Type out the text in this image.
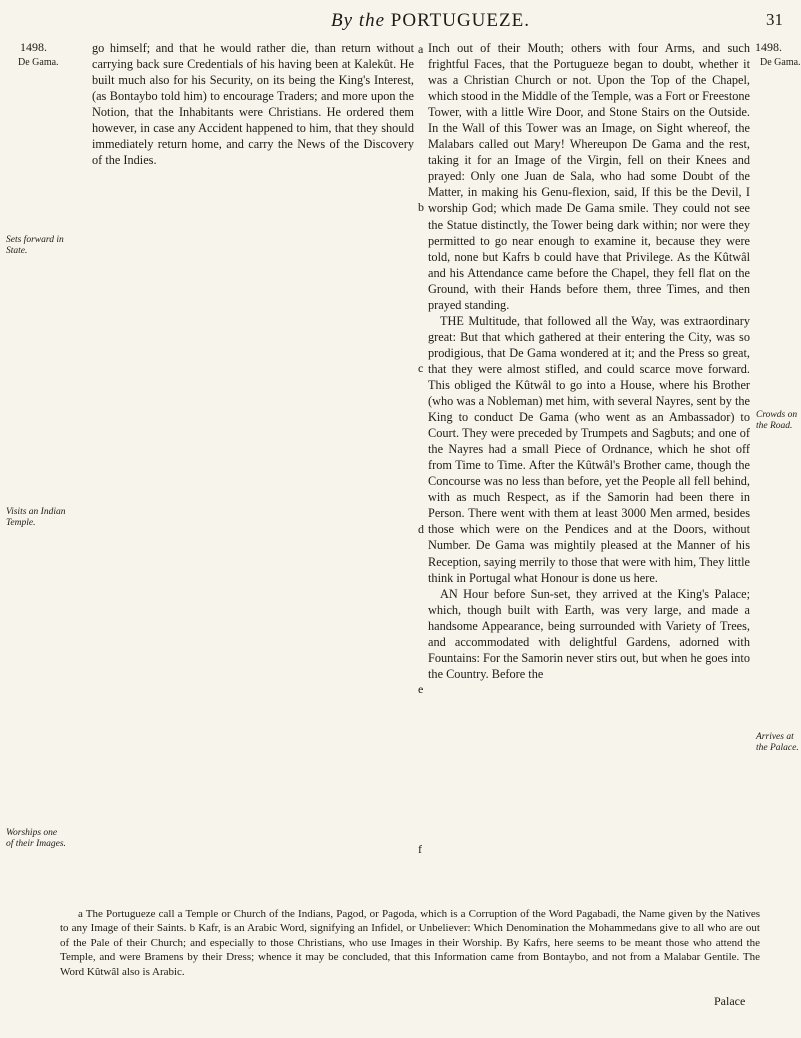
By the PORTUGUEZE.	31
1498.
De Gama.
1498.
De Gama.
Sets forward in State.
Visits an Indian Temple.
Worships one of their Images.
Crowds on the Road.
Arrives at the Palace.
a
b
c
d
e
f

go himself; and that he would rather die, than return without carrying back sure Credentials of his having been at Kalekût. He built much also for his Security, on its being the King's Interest, (as Bontaybo told him) to encourage Traders; and more upon the Notion, that the Inhabitants were Christians. He ordered them however, in case any Accident happened to him, that they should immediately return home, and carry the News of the Discovery of the Indies.

Inch out of their Mouth; others with four Arms, and such frightful Faces, that the Portugueze began to doubt, whether it was a Christian Church or not. Upon the Top of the Chapel, which stood in the Middle of the Temple, was a Fort or Freestone Tower, with a little Wire Door, and Stone Stairs on the Outside. In the Wall of this Tower was an Image, on Sight whereof, the Malabars called out Mary! Whereupon De Gama and the rest, taking it for an Image of the Virgin, fell on their Knees and prayed: Only one Juan de Sala, who had some Doubt of the Matter, in making his Genu-flexion, said, If this be the Devil, I worship God; which made De Gama smile. They could not see the Statue distinctly, the Tower being dark within; nor were they permitted to go near enough to examine it, because they were told, none but Kafrs b could have that Privilege. As the Kûtwâl and his Attendance came before the Chapel, they fell flat on the Ground, with their Hands before them, three Times, and then prayed standing.

THE Multitude, that followed all the Way, was extraordinary great: But that which gathered at their entering the City, was so prodigious, that De Gama wondered at it; and the Press so great, that they were almost stifled, and could scarce move forward. This obliged the Kûtwâl to go into a House, where his Brother (who was a Nobleman) met him, with several Nayres, sent by the King to conduct De Gama (who went as an Ambassador) to Court. They were preceded by Trumpets and Sagbuts; and one of the Nayres had a small Piece of Ordnance, which he shot off from Time to Time. After the Kûtwâl's Brother came, though the Concourse was no less than before, yet the People all fell behind, with as much Respect, as if the Samorin had been there in Person. There went with them at least 3000 Men armed, besides those which were on the Pendices and at the Doors, without Number. De Gama was mightily pleased at the Manner of his Reception, saying merrily to those that were with him, They little think in Portugal what Honour is done us here.

AN Hour before Sun-set, they arrived at the King's Palace; which, though built with Earth, was very large, and made a handsome Appearance, being surrounded with Variety of Trees, and accommodated with delightful Gardens, adorned with Fountains: For the Samorin never stirs out, but when he goes into the Country. Before the

a The Portugueze call a Temple or Church of the Indians, Pagod, or Pagoda, which is a Corruption of the Word Pagabadi, the Name given by the Natives to any Image of their Saints. b Kafr, is an Arabic Word, signifying an Infidel, or Unbeliever: Which Denomination the Mohammedans give to all who are out of the Pale of their Church; and especially to those Christians, who use Images in their Worship. By Kafrs, here seems to be meant those who attend the Temple, and were Bramens by their Dress; whence it may be concluded, that this Information came from Bontaybo, and not from a Malabar Gentile. The Word Kûtwâl also is Arabic.

Palace
